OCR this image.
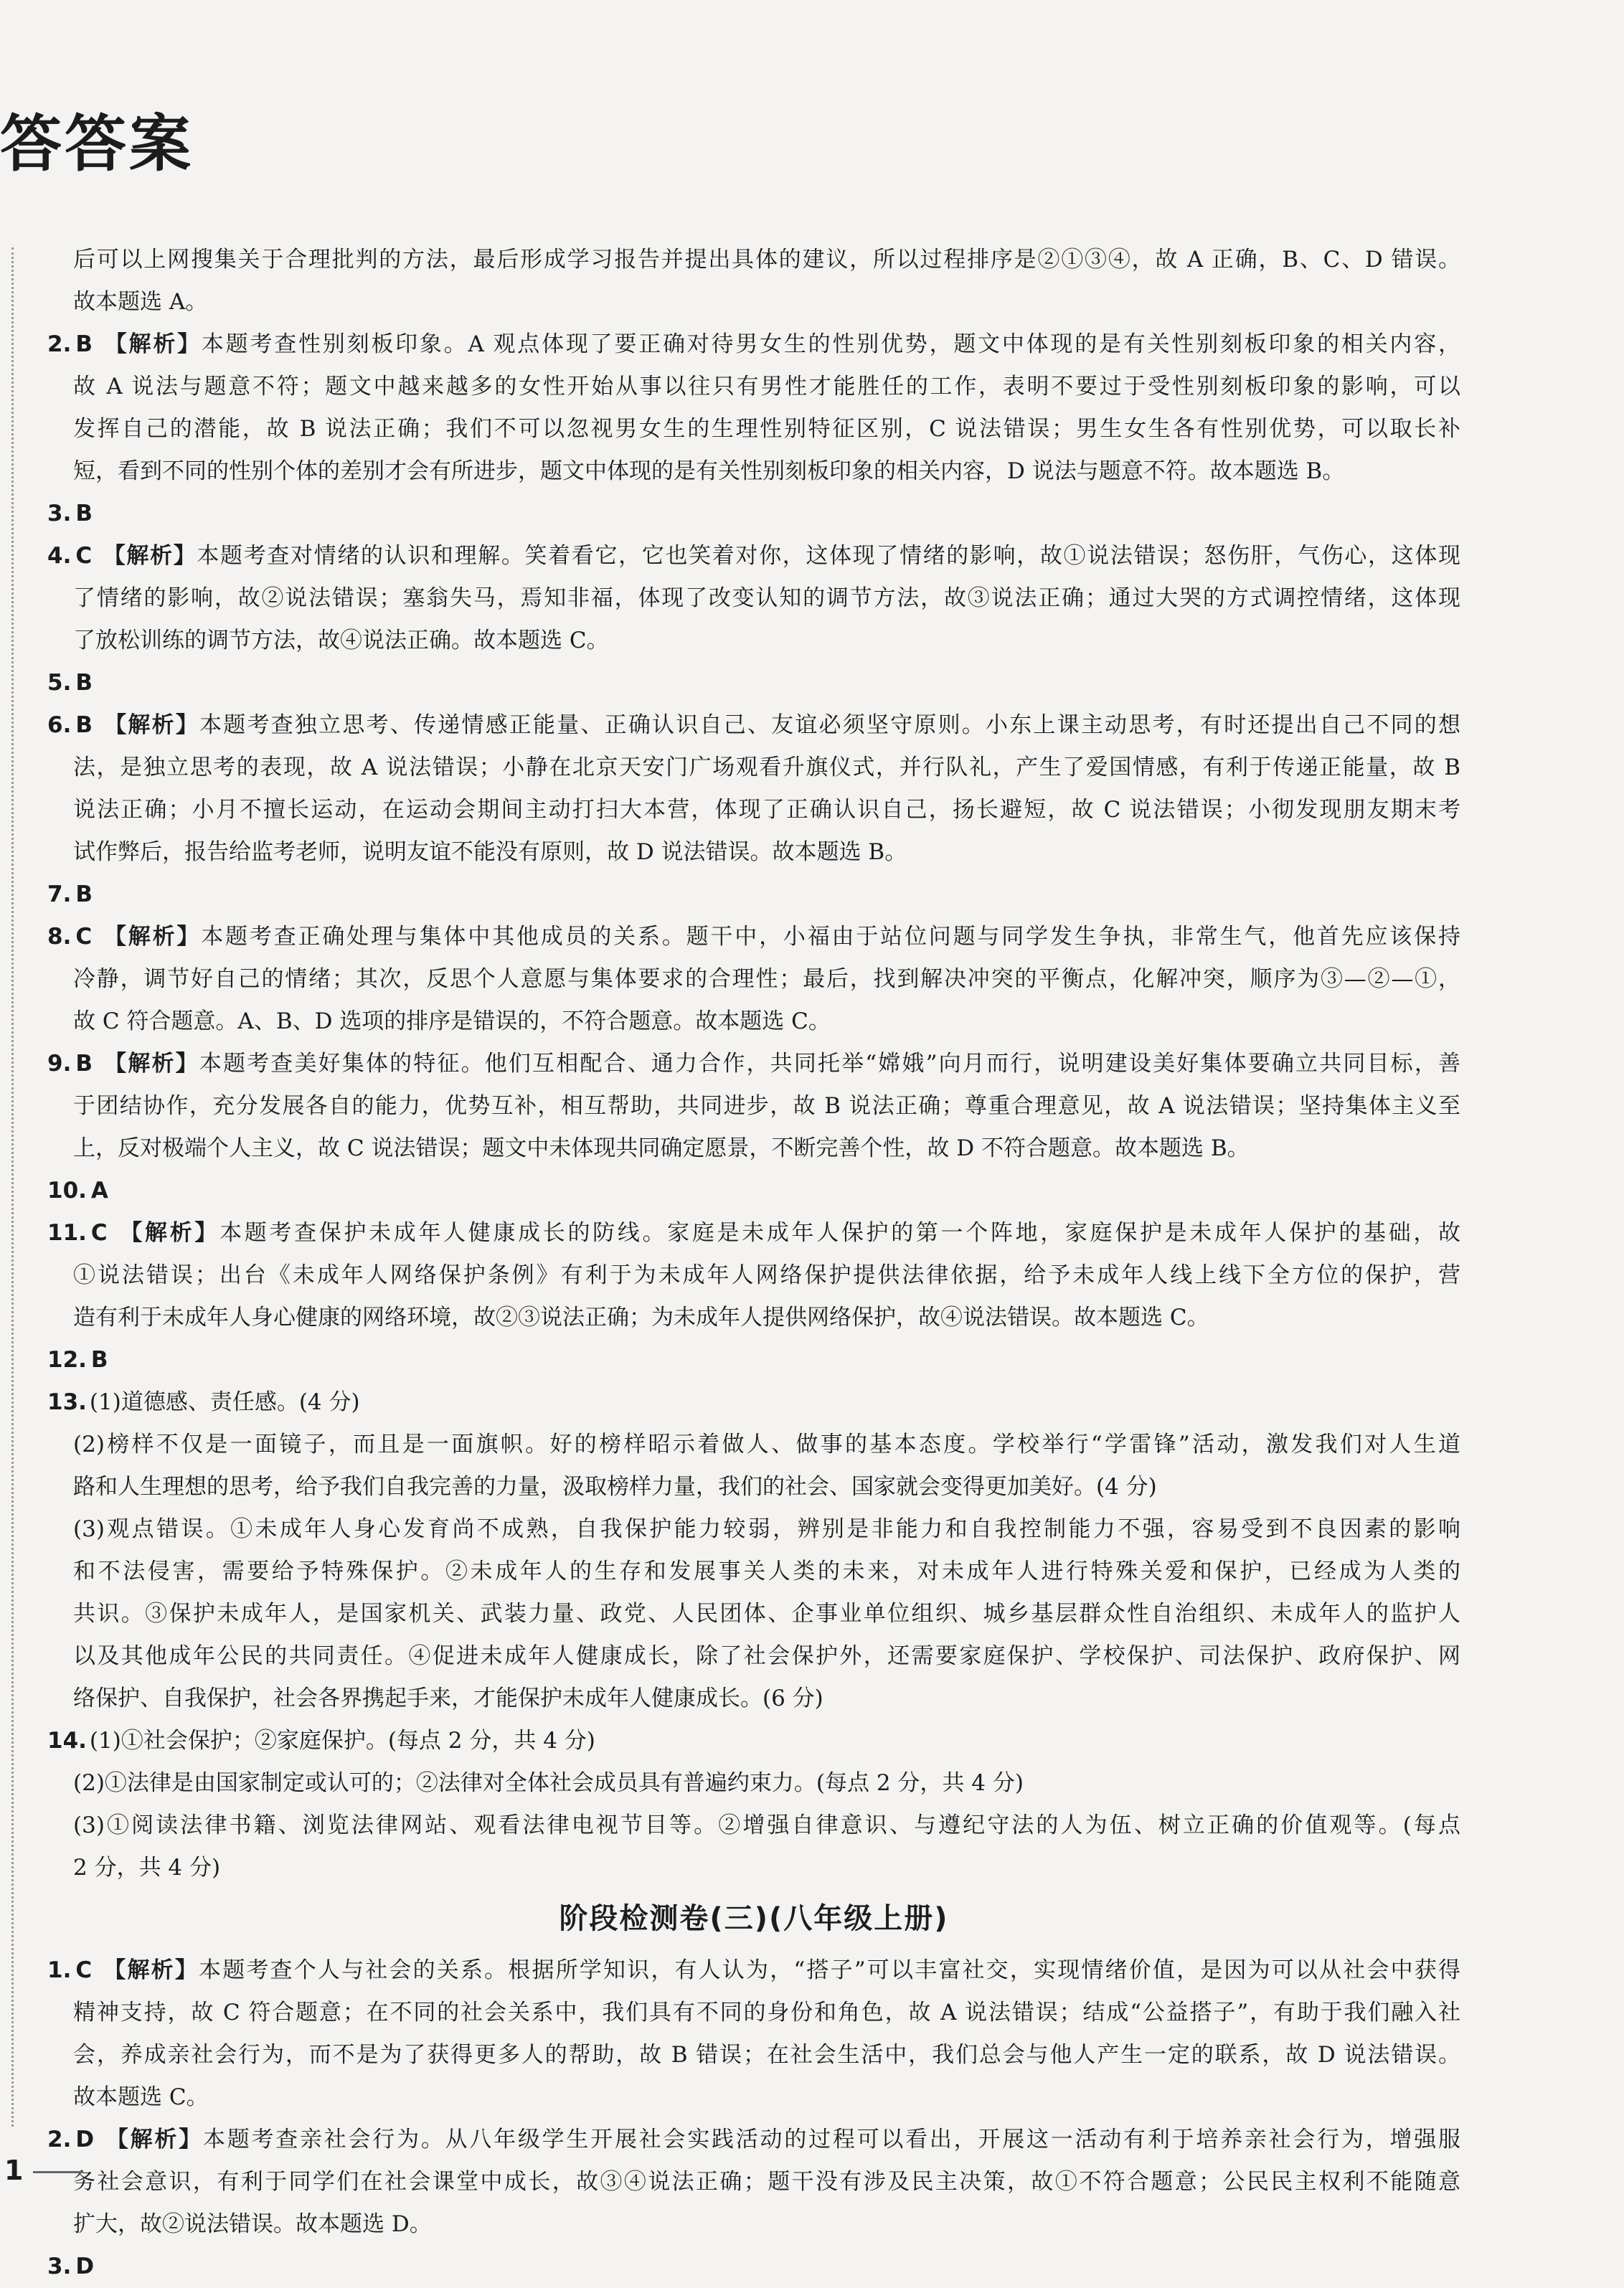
答答案
后可以上网搜集关于合理批判的方法，最后形成学习报告并提出具体的建议，所以过程排序是②①③④，故 A 正确，B、C、D 错误。
故本题选 A。
2. B 【解析】本题考查性别刻板印象。A 观点体现了要正确对待男女生的性别优势，题文中体现的是有关性别刻板印象的相关内容，
故 A 说法与题意不符；题文中越来越多的女性开始从事以往只有男性才能胜任的工作，表明不要过于受性别刻板印象的影响，可以
发挥自己的潜能，故 B 说法正确；我们不可以忽视男女生的生理性别特征区别，C 说法错误；男生女生各有性别优势，可以取长补
短，看到不同的性别个体的差别才会有所进步，题文中体现的是有关性别刻板印象的相关内容，D 说法与题意不符。故本题选 B。
3. B
4. C 【解析】本题考查对情绪的认识和理解。笑着看它，它也笑着对你，这体现了情绪的影响，故①说法错误；怒伤肝，气伤心，这体现
了情绪的影响，故②说法错误；塞翁失马，焉知非福，体现了改变认知的调节方法，故③说法正确；通过大哭的方式调控情绪，这体现
了放松训练的调节方法，故④说法正确。故本题选 C。
5. B
6. B 【解析】本题考查独立思考、传递情感正能量、正确认识自己、友谊必须坚守原则。小东上课主动思考，有时还提出自己不同的想
法，是独立思考的表现，故 A 说法错误；小静在北京天安门广场观看升旗仪式，并行队礼，产生了爱国情感，有利于传递正能量，故 B
说法正确；小月不擅长运动，在运动会期间主动打扫大本营，体现了正确认识自己，扬长避短，故 C 说法错误；小彻发现朋友期末考
试作弊后，报告给监考老师，说明友谊不能没有原则，故 D 说法错误。故本题选 B。
7. B
8. C 【解析】本题考查正确处理与集体中其他成员的关系。题干中，小福由于站位问题与同学发生争执，非常生气，他首先应该保持
冷静，调节好自己的情绪；其次，反思个人意愿与集体要求的合理性；最后，找到解决冲突的平衡点，化解冲突，顺序为③—②—①，
故 C 符合题意。A、B、D 选项的排序是错误的，不符合题意。故本题选 C。
9. B 【解析】本题考查美好集体的特征。他们互相配合、通力合作，共同托举“嫦娥”向月而行，说明建设美好集体要确立共同目标，善
于团结协作，充分发展各自的能力，优势互补，相互帮助，共同进步，故 B 说法正确；尊重合理意见，故 A 说法错误；坚持集体主义至
上，反对极端个人主义，故 C 说法错误；题文中未体现共同确定愿景，不断完善个性，故 D 不符合题意。故本题选 B。
10. A
11. C 【解析】本题考查保护未成年人健康成长的防线。家庭是未成年人保护的第一个阵地，家庭保护是未成年人保护的基础，故
①说法错误；出台《未成年人网络保护条例》有利于为未成年人网络保护提供法律依据，给予未成年人线上线下全方位的保护，营
造有利于未成年人身心健康的网络环境，故②③说法正确；为未成年人提供网络保护，故④说法错误。故本题选 C。
12. B
13. (1)道德感、责任感。(4 分)
(2)榜样不仅是一面镜子，而且是一面旗帜。好的榜样昭示着做人、做事的基本态度。学校举行“学雷锋”活动，激发我们对人生道
路和人生理想的思考，给予我们自我完善的力量，汲取榜样力量，我们的社会、国家就会变得更加美好。(4 分)
(3)观点错误。①未成年人身心发育尚不成熟，自我保护能力较弱，辨别是非能力和自我控制能力不强，容易受到不良因素的影响
和不法侵害，需要给予特殊保护。②未成年人的生存和发展事关人类的未来，对未成年人进行特殊关爱和保护，已经成为人类的
共识。③保护未成年人，是国家机关、武装力量、政党、人民团体、企事业单位组织、城乡基层群众性自治组织、未成年人的监护人
以及其他成年公民的共同责任。④促进未成年人健康成长，除了社会保护外，还需要家庭保护、学校保护、司法保护、政府保护、网
络保护、自我保护，社会各界携起手来，才能保护未成年人健康成长。(6 分)
14. (1)①社会保护；②家庭保护。(每点 2 分，共 4 分)
(2)①法律是由国家制定或认可的；②法律对全体社会成员具有普遍约束力。(每点 2 分，共 4 分)
(3)①阅读法律书籍、浏览法律网站、观看法律电视节目等。②增强自律意识、与遵纪守法的人为伍、树立正确的价值观等。(每点
2 分，共 4 分)
阶段检测卷(三)(八年级上册)
1. C 【解析】本题考查个人与社会的关系。根据所学知识，有人认为，“搭子”可以丰富社交，实现情绪价值，是因为可以从社会中获得
精神支持，故 C 符合题意；在不同的社会关系中，我们具有不同的身份和角色，故 A 说法错误；结成“公益搭子”，有助于我们融入社
会，养成亲社会行为，而不是为了获得更多人的帮助，故 B 错误；在社会生活中，我们总会与他人产生一定的联系，故 D 说法错误。
故本题选 C。
2. D 【解析】本题考查亲社会行为。从八年级学生开展社会实践活动的过程可以看出，开展这一活动有利于培养亲社会行为，增强服
务社会意识，有利于同学们在社会课堂中成长，故③④说法正确；题干没有涉及民主决策，故①不符合题意；公民民主权利不能随意
扩大，故②说法错误。故本题选 D。
3. D
1
